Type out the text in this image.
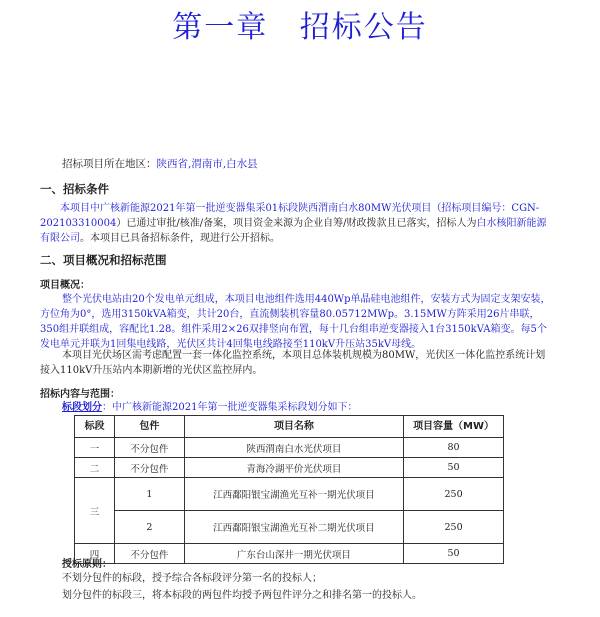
第一章 招标公告
招标项目所在地区：陕西省,渭南市,白水县
一、招标条件
本项目中广核新能源2021年第一批逆变器集采01标段陕西渭南白水80MW光伏项目（招标项目编号：CGN-202103310004）已通过审批/核准/备案，项目资金来源为企业自筹/财政拨款且已落实，招标人为白水核阳新能源有限公司。本项目已具备招标条件，现进行公开招标。
二、项目概况和招标范围
项目概况：
整个光伏电站由20个发电单元组成，本项目电池组件选用440Wp单晶硅电池组件，安装方式为固定支架安装，方位角为0°，选用3150kVA箱变，共计20台，直流侧装机容量80.05712MWp。3.15MW方阵采用26片串联，350组并联组成，容配比1.28。组件采用2×26双排竖向布置，每十几台组串逆变器接入1台3150kVA箱变。每5个发电单元并联为1回集电线路，光伏区共计4回集电线路接至110kV升压站35kV母线。
本项目光伏场区需考虑配置一套一体化监控系统，本项目总体装机规模为80MW，光伏区一体化监控系统计划接入110kV升压站内本期新增的光伏区监控屏内。
招标内容与范围：
标段划分：中广核新能源2021年第一批逆变器集采标段划分如下：
标段	包件	项目名称	项目容量（MW）
一	不分包件	陕西渭南白水光伏项目	80
二	不分包件	青海冷湖平价光伏项目	50
三	1	江西鄱阳银宝湖渔光互补一期光伏项目	250
	2	江西鄱阳银宝湖渔光互补二期光伏项目	250
四	不分包件	广东台山深井一期光伏项目	50
授标原则：
不划分包件的标段，授予综合各标段评分第一名的投标人；
划分包件的标段三，将本标段的两包件均授予两包件评分之和排名第一的投标人。
